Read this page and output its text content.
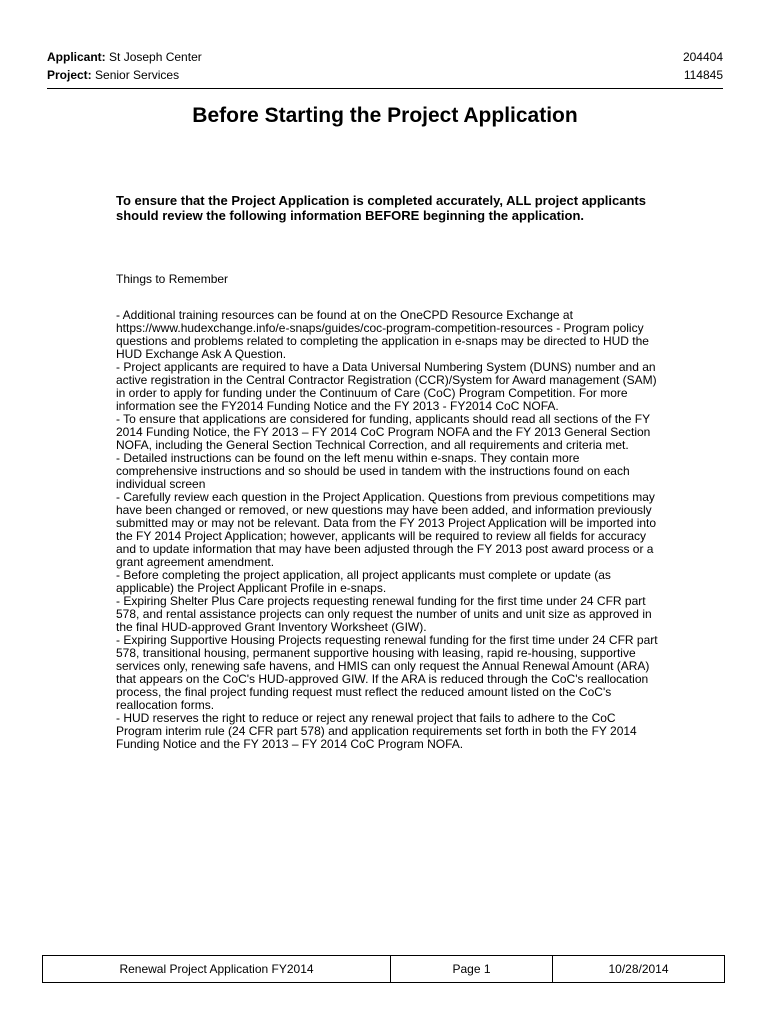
Applicant: St Joseph Center	204404
Project: Senior Services	114845
Before Starting the Project Application

To ensure that the Project Application is completed accurately, ALL project applicants should review the following information BEFORE beginning the application.

Things to Remember

- Additional training resources can be found at on the OneCPD Resource Exchange at https://www.hudexchange.info/e-snaps/guides/coc-program-competition-resources - Program policy questions and problems related to completing the application in e-snaps may be directed to HUD the HUD Exchange Ask A Question.
- Project applicants are required to have a Data Universal Numbering System (DUNS) number and an active registration in the Central Contractor Registration (CCR)/System for Award management (SAM) in order to apply for funding under the Continuum of Care (CoC) Program Competition. For more information see the FY2014 Funding Notice and the FY 2013 - FY2014 CoC NOFA.
- To ensure that applications are considered for funding, applicants should read all sections of the FY 2014 Funding Notice, the FY 2013 – FY 2014 CoC Program NOFA and the FY 2013 General Section NOFA, including the General Section Technical Correction, and all requirements and criteria met.
- Detailed instructions can be found on the left menu within e-snaps. They contain more comprehensive instructions and so should be used in tandem with the instructions found on each individual screen
- Carefully review each question in the Project Application. Questions from previous competitions may have been changed or removed, or new questions may have been added, and information previously submitted may or may not be relevant. Data from the FY 2013 Project Application will be imported into the FY 2014 Project Application; however, applicants will be required to review all fields for accuracy and to update information that may have been adjusted through the FY 2013 post award process or a grant agreement amendment.
- Before completing the project application, all project applicants must complete or update (as applicable) the Project Applicant Profile in e-snaps.
- Expiring Shelter Plus Care projects requesting renewal funding for the first time under 24 CFR part 578, and rental assistance projects can only request the number of units and unit size as approved in the final HUD-approved Grant Inventory Worksheet (GIW).
- Expiring Supportive Housing Projects requesting renewal funding for the first time under 24 CFR part 578, transitional housing, permanent supportive housing with leasing, rapid re-housing, supportive services only, renewing safe havens, and HMIS can only request the Annual Renewal Amount (ARA) that appears on the CoC's HUD-approved GIW. If the ARA is reduced through the CoC's reallocation process, the final project funding request must reflect the reduced amount listed on the CoC's reallocation forms.
- HUD reserves the right to reduce or reject any renewal project that fails to adhere to the CoC Program interim rule (24 CFR part 578) and application requirements set forth in both the FY 2014 Funding Notice and the FY 2013 – FY 2014 CoC Program NOFA.

Renewal Project Application FY2014	Page 1	10/28/2014
